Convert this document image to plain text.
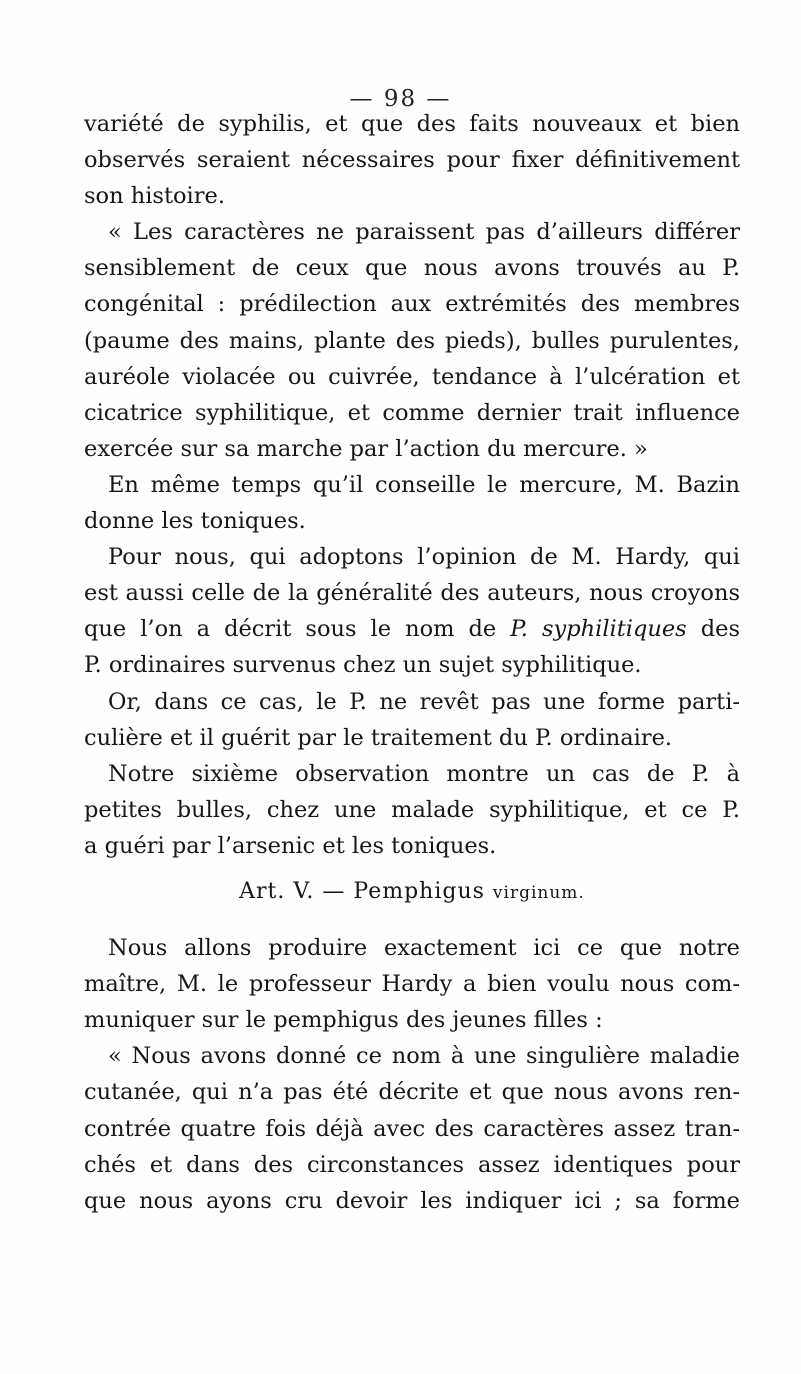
— 98 —
variété de syphilis, et que des faits nouveaux et bien
observés seraient nécessaires pour fixer définitivement
son histoire.
« Les caractères ne paraissent pas d’ailleurs différer
sensiblement de ceux que nous avons trouvés au P.
congénital : prédilection aux extrémités des membres
(paume des mains, plante des pieds), bulles purulentes,
auréole violacée ou cuivrée, tendance à l’ulcération et
cicatrice syphilitique, et comme dernier trait influence
exercée sur sa marche par l’action du mercure. »
En même temps qu’il conseille le mercure, M. Bazin
donne les toniques.
Pour nous, qui adoptons l’opinion de M. Hardy, qui
est aussi celle de la généralité des auteurs, nous croyons
que l’on a décrit sous le nom de P. syphilitiques des
P. ordinaires survenus chez un sujet syphilitique.
Or, dans ce cas, le P. ne revêt pas une forme parti-
culière et il guérit par le traitement du P. ordinaire.
Notre sixième observation montre un cas de P. à
petites bulles, chez une malade syphilitique, et ce P.
a guéri par l’arsenic et les toniques.
Art. V. — Pemphigus virginum.
Nous allons produire exactement ici ce que notre
maître, M. le professeur Hardy a bien voulu nous com-
muniquer sur le pemphigus des jeunes filles :
« Nous avons donné ce nom à une singulière maladie
cutanée, qui n’a pas été décrite et que nous avons ren-
contrée quatre fois déjà avec des caractères assez tran-
chés et dans des circonstances assez identiques pour
que nous ayons cru devoir les indiquer ici ; sa forme
